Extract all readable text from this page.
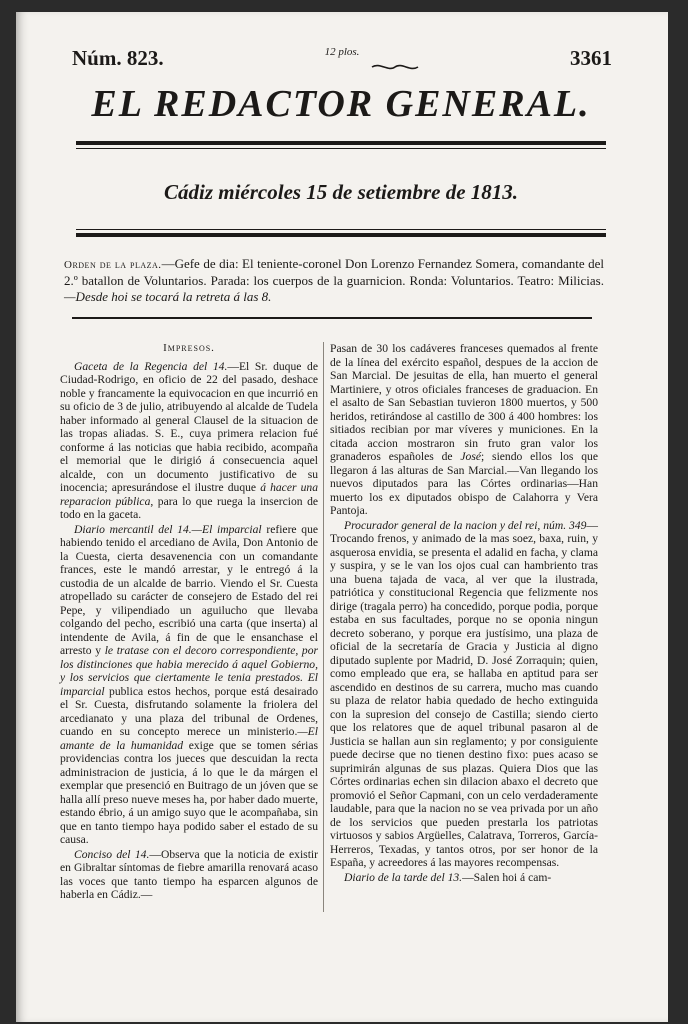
Núm. 823.	12 plos.	3361
EL REDACTOR GENERAL.
Cádiz miércoles 15 de setiembre de 1813.
Orden de la plaza.—Gefe de dia: El teniente-coronel Don Lorenzo Fernandez Somera, comandante del 2.º batallon de Voluntarios. Parada: los cuerpos de la guarnicion. Ronda: Voluntarios. Teatro: Milicias. —Desde hoi se tocará la retreta á las 8.
Impresos.

Gaceta de la Regencia del 14.—El Sr. duque de Ciudad-Rodrigo, en oficio de 22 del pasado, deshace noble y francamente la equivocacion en que incurrió en su oficio de 3 de julio, atribuyendo al alcalde de Tudela haber informado al general Clausel de la situacion de las tropas aliadas. S. E., cuya primera relacion fué conforme á las noticias que habia recibido, acompaña el memorial que le dirigió á consecuencia aquel alcalde, con un documento justificativo de su inocencia; apresurándose el ilustre duque á hacer una reparacion pública, para lo que ruega la insercion de todo en la gaceta.

Diario mercantil del 14.—El imparcial refiere que habiendo tenido el arcediano de Avila, Don Antonio de la Cuesta, cierta desavenencia con un comandante frances, este le mandó arrestar, y le entregó á la custodia de un alcalde de barrio. Viendo el Sr. Cuesta atropellado su carácter de consejero de Estado del rei Pepe, y vilipendiado un aguilucho que llevaba colgando del pecho, escribió una carta (que inserta) al intendente de Avila, á fin de que le ensanchase el arresto y le tratase con el decoro correspondiente, por los distinciones que habia merecido á aquel Gobierno, y los servicios que ciertamente le tenia prestados. El imparcial publica estos hechos, porque está desairado el Sr. Cuesta, disfrutando solamente la friolera del arcedianato y una plaza del tribunal de Ordenes, cuando en su concepto merece un ministerio.—El amante de la humanidad exige que se tomen sérias providencias contra los jueces que descuidan la recta administracion de justicia, á lo que le da márgen el exemplar que presenció en Buitrago de un jóven que se halla allí preso nueve meses ha, por haber dado muerte, estando ébrio, á un amigo suyo que le acompañaba, sin que en tanto tiempo haya podido saber el estado de su causa.

Conciso del 14.—Observa que la noticia de existir en Gibraltar síntomas de fiebre amarilla renovará acaso las voces que tanto tiempo ha esparcen algunos de haberla en Cádiz.—

Pasan de 30 los cadáveres franceses quemados al frente de la línea del exército español, despues de la accion de San Marcial. De jesuitas de ella, han muerto el general Martiniere, y otros oficiales franceses de graduacion. En el asalto de San Sebastian tuvieron 1800 muertos, y 500 heridos, retirándose al castillo de 300 á 400 hombres: los sitiados recibian por mar víveres y municiones. En la citada accion mostraron sin fruto gran valor los granaderos españoles de José; siendo ellos los que llegaron á las alturas de San Marcial.—Van llegando los nuevos diputados para las Córtes ordinarias—Han muerto los ex diputados obispo de Calahorra y Vera Pantoja.

Procurador general de la nacion y del rei, núm. 349—Trocando frenos, y animado de la mas soez, baxa, ruin, y asquerosa envidia, se presenta el adalid en facha, y clama y suspira, y se le van los ojos cual can hambriento tras una buena tajada de vaca, al ver que la ilustrada, patriótica y constitucional Regencia que felizmente nos dirige (tragala perro) ha concedido, porque podia, porque estaba en sus facultades, porque no se oponia ningun decreto soberano, y porque era justísimo, una plaza de oficial de la secretaría de Gracia y Justicia al digno diputado suplente por Madrid, D. José Zorraquin; quien, como empleado que era, se hallaba en aptitud para ser ascendido en destinos de su carrera, mucho mas cuando su plaza de relator habia quedado de hecho extinguida con la supresion del consejo de Castilla; siendo cierto que los relatores que de aquel tribunal pasaron al de Justicia se hallan aun sin reglamento; y por consiguiente puede decirse que no tienen destino fixo: pues acaso se suprimirán algunas de sus plazas. Quiera Dios que las Córtes ordinarias echen sin dilacion abaxo el decreto que promovió el Señor Capmani, con un celo verdaderamente laudable, para que la nacion no se vea privada por un año de los servicios que pueden prestarla los patriotas virtuosos y sabios Argüelles, Calatrava, Torreros, García-Herreros, Texadas, y tantos otros, por ser honor de la España, y acreedores á las mayores recompensas.

Diario de la tarde del 13.—Salen hoi á cam-
